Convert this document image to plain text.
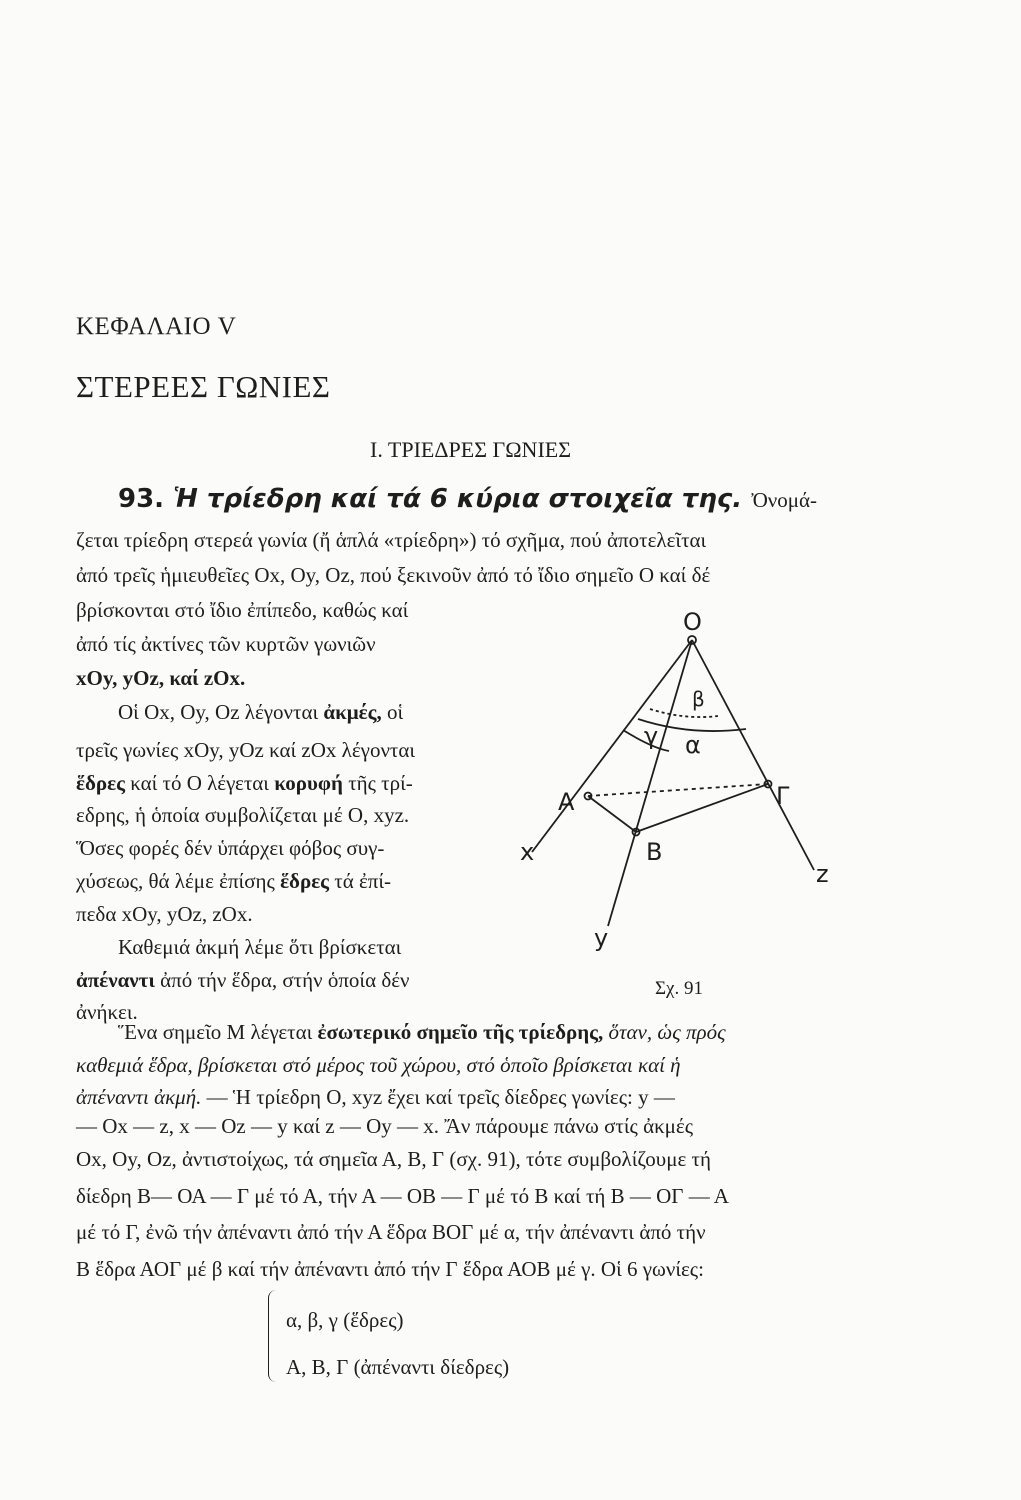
ΚΕΦΑΛΑΙΟ V
ΣΤΕΡΕΕΣ ΓΩΝΙΕΣ
Ι. ΤΡΙΕΔΡΕΣ ΓΩΝΙΕΣ
93. Ἡ τρίεδρη καί τά 6 κύρια στοιχεῖα της. Ὀνομά-
ζεται τρίεδρη στερεά γωνία (ἤ ἁπλά «τρίεδρη») τό σχῆμα, πού ἀποτελεῖται
ἀπό τρεῖς ἡμιευθεῖες Οx, Οy, Οz, πού ξεκινοῦν ἀπό τό ἴδιο σημεῖο Ο καί δέ
βρίσκονται στό ἴδιο ἐπίπεδο, καθώς καί
ἀπό τίς ἀκτίνες τῶν κυρτῶν γωνιῶν
xOy, yOz, καί zOx.
Οἱ Οx, Οy, Οz λέγονται ἀκμές, οἱ
τρεῖς γωνίες xOy, yOz καί zOx λέγονται
ἕδρες καί τό Ο λέγεται κορυφή τῆς τρί-
εδρης, ἡ ὁποία συμβολίζεται μέ Ο, xyz.
Ὅσες φορές δέν ὑπάρχει φόβος συγ-
χύσεως, θά λέμε ἐπίσης ἕδρες τά ἐπί-
πεδα xOy, yOz, zOx.
Καθεμιά ἀκμή λέμε ὅτι βρίσκεται
ἀπέναντι ἀπό τήν ἕδρα, στήν ὁποία δέν
ἀνήκει.
O
x
y
z
A
B
Γ
α
β
γ
Σχ. 91
Ἕνα σημεῖο Μ λέγεται ἐσωτερικό σημεῖο τῆς τρίεδρης, ὅταν, ὡς πρός
καθεμιά ἕδρα, βρίσκεται στό μέρος τοῦ χώρου, στό ὁποῖο βρίσκεται καί ἡ
ἀπέναντι ἀκμή. — Ἡ τρίεδρη Ο, xyz ἔχει καί τρεῖς δίεδρες γωνίες: y —
— Οx — z, x — Οz — y καί z — Οy — x. Ἄν πάρουμε πάνω στίς ἀκμές
Οx, Οy, Οz, ἀντιστοίχως, τά σημεῖα Α, Β, Γ (σχ. 91), τότε συμβολίζουμε τή
δίεδρη Β— ΟΑ — Γ μέ τό Α, τήν Α — ΟΒ — Γ μέ τό Β καί τή Β — ΟΓ — Α
μέ τό Γ, ἐνῶ τήν ἀπέναντι ἀπό τήν Α ἕδρα ΒΟΓ μέ α, τήν ἀπέναντι ἀπό τήν
Β ἕδρα ΑΟΓ μέ β καί τήν ἀπέναντι ἀπό τήν Γ ἕδρα ΑΟΒ μέ γ. Οἱ 6 γωνίες:
α, β, γ (ἕδρες)
Α, Β, Γ (ἀπέναντι δίεδρες)
